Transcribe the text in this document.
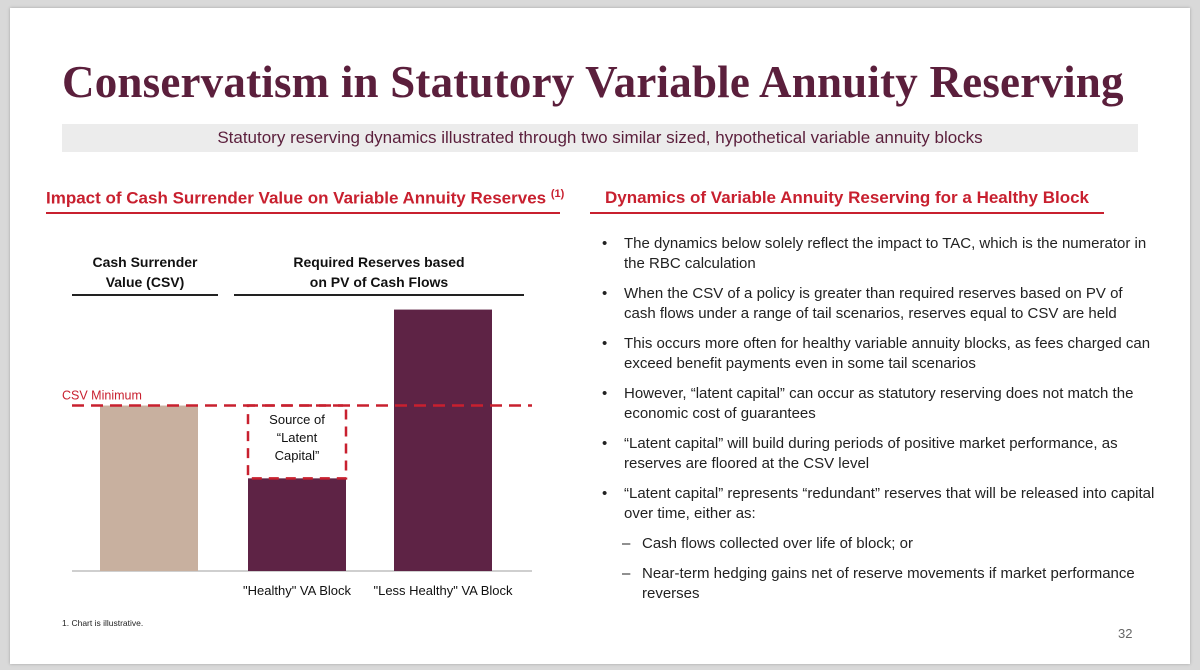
Conservatism in Statutory Variable Annuity Reserving
Statutory reserving dynamics illustrated through two similar sized, hypothetical variable annuity blocks
Impact of Cash Surrender Value on Variable Annuity Reserves $^{(1)}$	Dynamics of Variable Annuity Reserving for a Healthy Block
Cash Surrender
Value (CSV)
Required Reserves based
on PV of Cash Flows
"Healthy" VA Block "Less Healthy" VA Block
CSV Minimum
Source of
“Latent
Capital”
• The dynamics below solely reflect the impact to TAC, which is the numerator in the RBC calculation
• When the CSV of a policy is greater than required reserves based on PV of cash flows under a range of tail scenarios, reserves equal to CSV are held
• This occurs more often for healthy variable annuity blocks, as fees charged can exceed benefit payments even in some tail scenarios
• However, “latent capital” can occur as statutory reserving does not match the economic cost of guarantees
• “Latent capital” will build during periods of positive market performance, as reserves are floored at the CSV level
• “Latent capital” represents “redundant” reserves that will be released into capital over time, either as:
– Cash flows collected over life of block; or
– Near-term hedging gains net of reserve movements if market performance reverses
1. Chart is illustrative.
32
